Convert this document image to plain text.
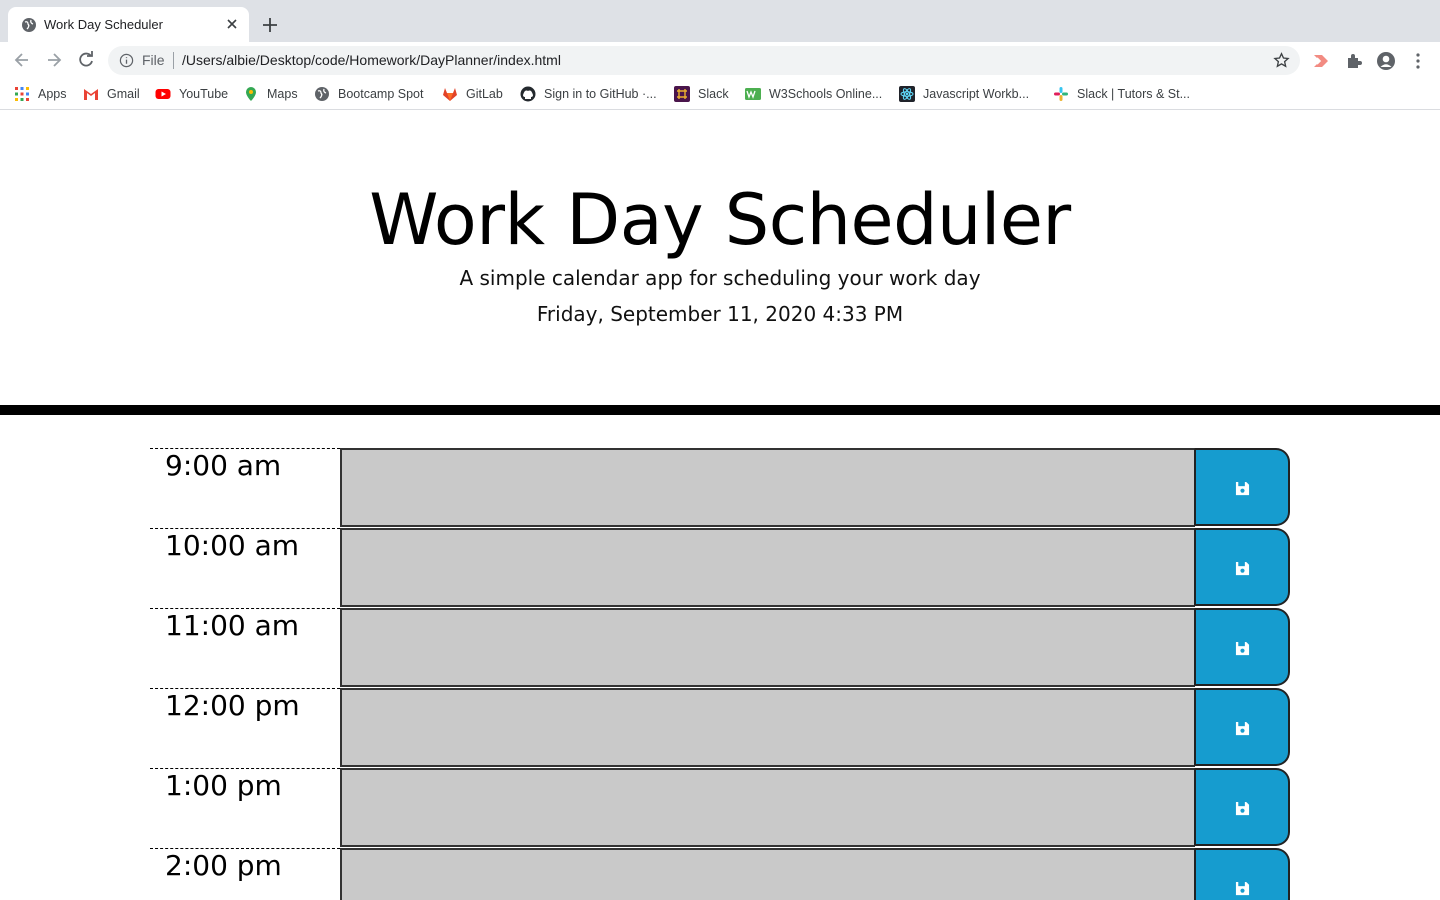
Work Day Scheduler
File /Users/albie/Desktop/code/Homework/DayPlanner/index.html
Apps	Gmail	YouTube	Maps	Bootcamp Spot	GitLab	Sign in to GitHub ·...	Slack	W3Schools Online...	Javascript Workb...	Slack | Tutors & St...
Work Day Scheduler

A simple calendar app for scheduling your work day

Friday, September 11, 2020 4:33 PM

9:00 am
10:00 am
11:00 am
12:00 pm
1:00 pm
2:00 pm
